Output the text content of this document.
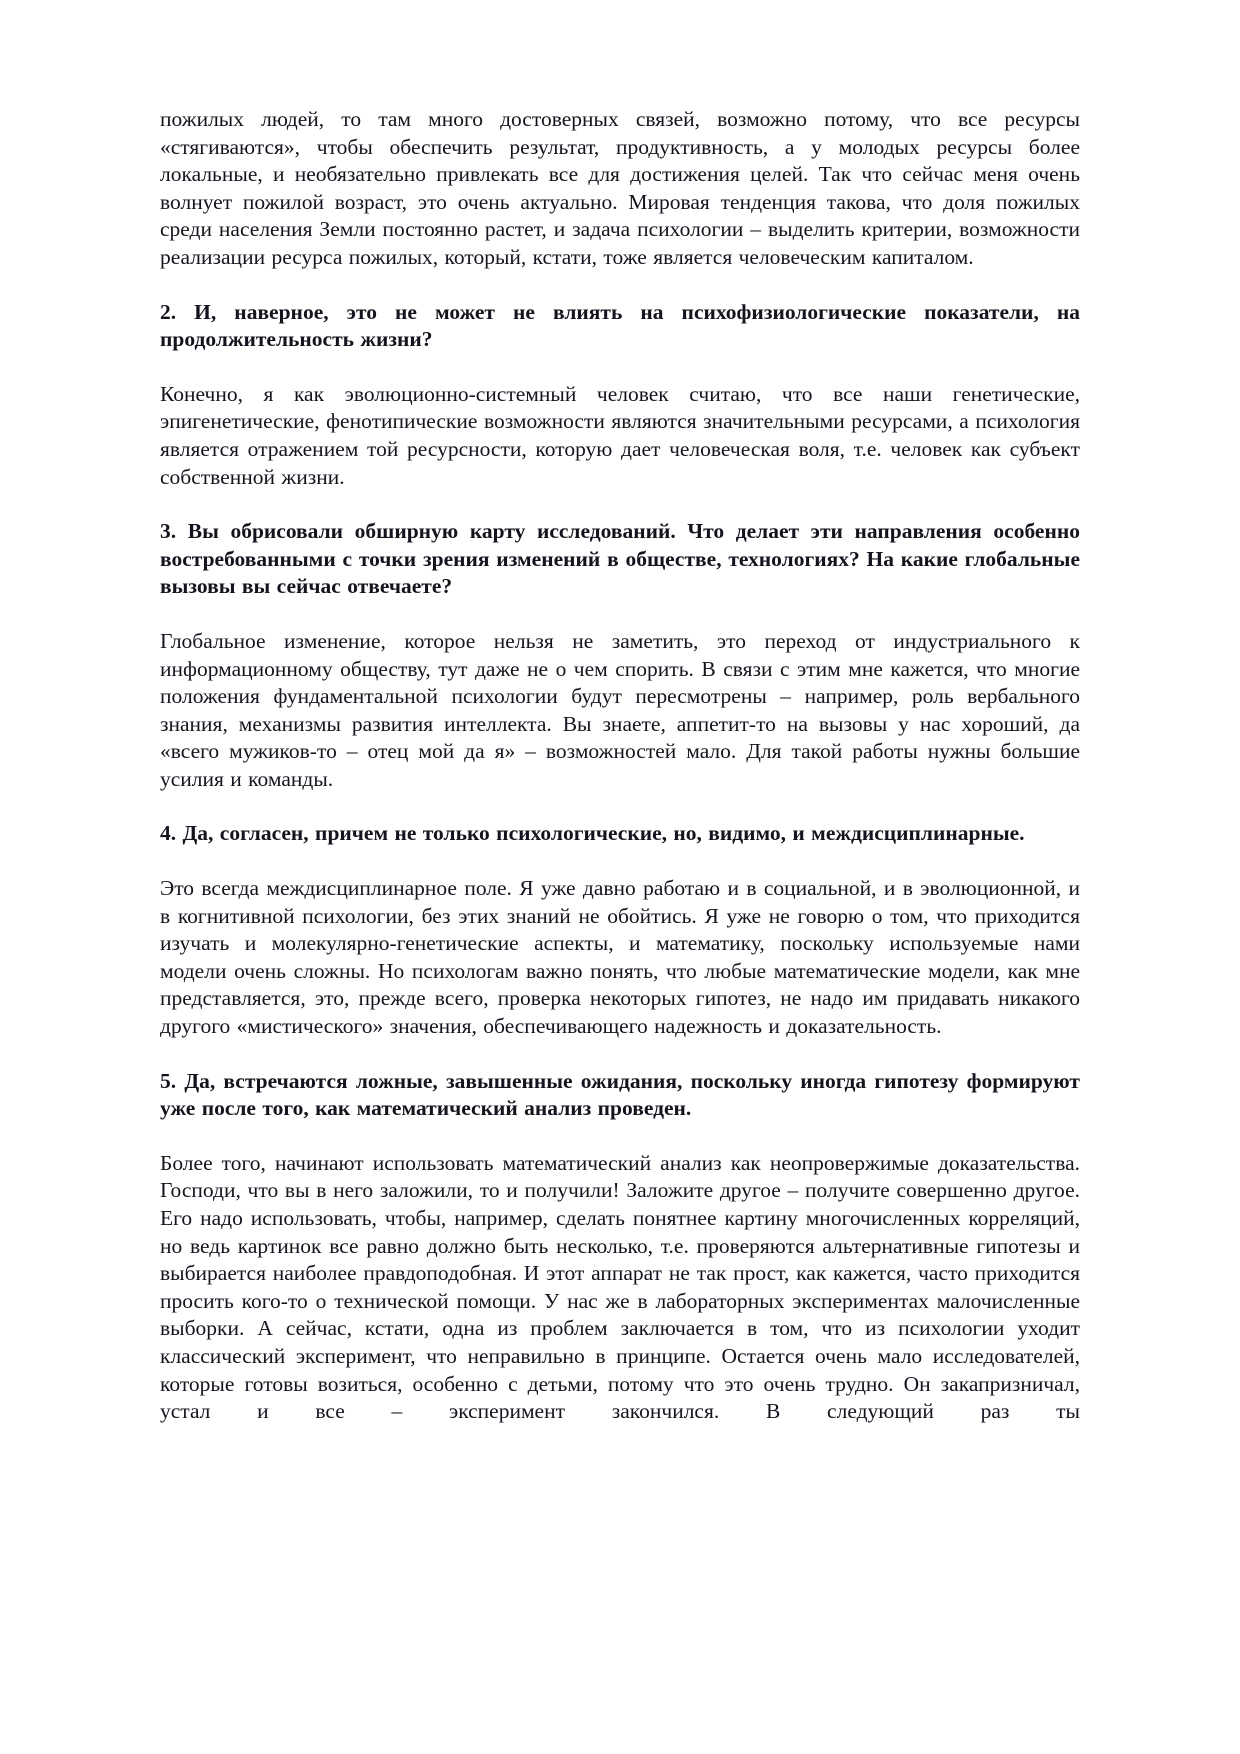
пожилых людей, то там много достоверных связей, возможно потому, что все ресурсы «стягиваются», чтобы обеспечить результат, продуктивность, а у молодых ресурсы более локальные, и необязательно привлекать все для достижения целей. Так что сейчас меня очень волнует пожилой возраст, это очень актуально. Мировая тенденция такова, что доля пожилых среди населения Земли постоянно растет, и задача психологии – выделить критерии, возможности реализации ресурса пожилых, который, кстати, тоже является человеческим капиталом.

2. И, наверное, это не может не влиять на психофизиологические показатели, на продолжительность жизни?

Конечно, я как эволюционно-системный человек считаю, что все наши генетические, эпигенетические, фенотипические возможности являются значительными ресурсами, а психология является отражением той ресурсности, которую дает человеческая воля, т.е. человек как субъект собственной жизни.

3. Вы обрисовали обширную карту исследований. Что делает эти направления особенно востребованными с точки зрения изменений в обществе, технологиях? На какие глобальные вызовы вы сейчас отвечаете?

Глобальное изменение, которое нельзя не заметить, это переход от индустриального к информационному обществу, тут даже не о чем спорить. В связи с этим мне кажется, что многие положения фундаментальной психологии будут пересмотрены – например, роль вербального знания, механизмы развития интеллекта. Вы знаете, аппетит-то на вызовы у нас хороший, да «всего мужиков-то – отец мой да я» – возможностей мало. Для такой работы нужны большие усилия и команды.

4. Да, согласен, причем не только психологические, но, видимо, и междисциплинарные.

Это всегда междисциплинарное поле. Я уже давно работаю и в социальной, и в эволюционной, и в когнитивной психологии, без этих знаний не обойтись. Я уже не говорю о том, что приходится изучать и молекулярно-генетические аспекты, и математику, поскольку используемые нами модели очень сложны. Но психологам важно понять, что любые математические модели, как мне представляется, это, прежде всего, проверка некоторых гипотез, не надо им придавать никакого другого «мистического» значения, обеспечивающего надежность и доказательность.

5. Да, встречаются ложные, завышенные ожидания, поскольку иногда гипотезу формируют уже после того, как математический анализ проведен.

Более того, начинают использовать математический анализ как неопровержимые доказательства. Господи, что вы в него заложили, то и получили! Заложите другое – получите совершенно другое. Его надо использовать, чтобы, например, сделать понятнее картину многочисленных корреляций, но ведь картинок все равно должно быть несколько, т.е. проверяются альтернативные гипотезы и выбирается наиболее правдоподобная. И этот аппарат не так прост, как кажется, часто приходится просить кого-то о технической помощи. У нас же в лабораторных экспериментах малочисленные выборки. А сейчас, кстати, одна из проблем заключается в том, что из психологии уходит классический эксперимент, что неправильно в принципе. Остается очень мало исследователей, которые готовы возиться, особенно с детьми, потому что это очень трудно. Он закапризничал, устал и все – эксперимент закончился. В следующий раз ты
